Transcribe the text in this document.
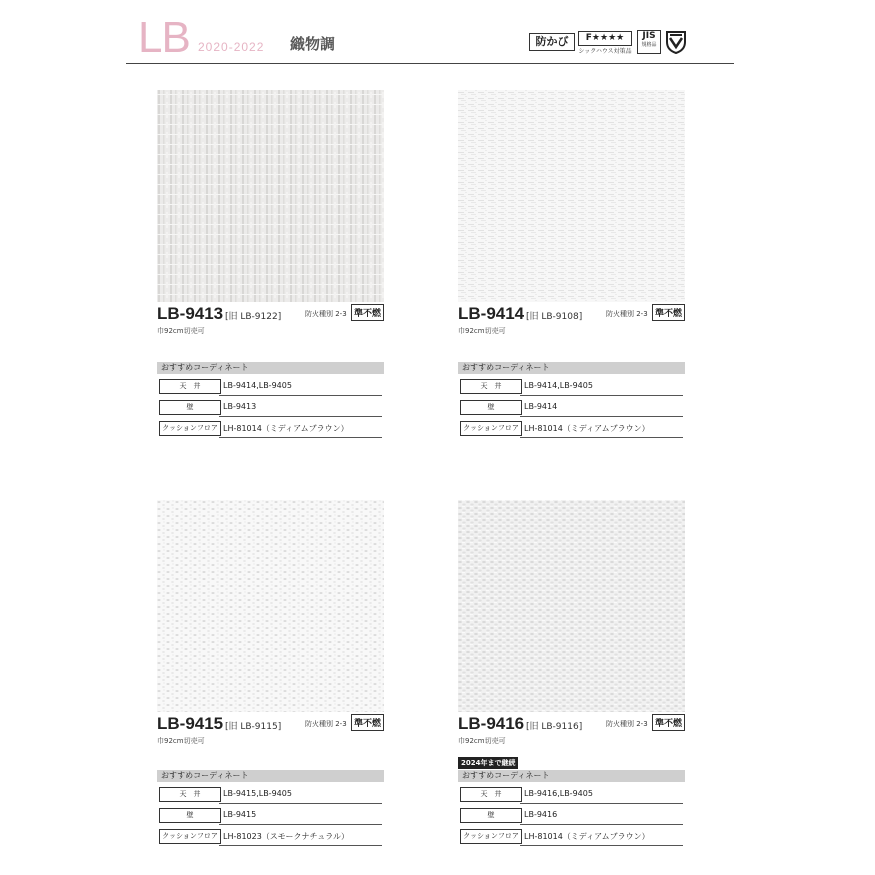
LB 2020-2022 織物調	防かび	F★★★★
シックハウス対策品
JIS
規格品
LB-9413 [旧 LB-9122]	防火種別 2-3 準不燃
巾92cm切売可
おすすめコーディネート
天　井	LB-9414,LB-9405
壁	LB-9413
クッションフロア LH-81014（ミディアムブラウン）
LB-9414 [旧 LB-9108]	防火種別 2-3 準不燃
巾92cm切売可
おすすめコーディネート
天　井	LB-9414,LB-9405
壁	LB-9414
クッションフロア LH-81014（ミディアムブラウン）
LB-9415 [旧 LB-9115]	防火種別 2-3 準不燃
巾92cm切売可
おすすめコーディネート
天　井	LB-9415,LB-9405
壁	LB-9415
クッションフロア LH-81023（スモークナチュラル）
LB-9416 [旧 LB-9116]	防火種別 2-3 準不燃
巾92cm切売可
2024年まで継続
おすすめコーディネート
天　井	LB-9416,LB-9405
壁	LB-9416
クッションフロア LH-81014（ミディアムブラウン）
